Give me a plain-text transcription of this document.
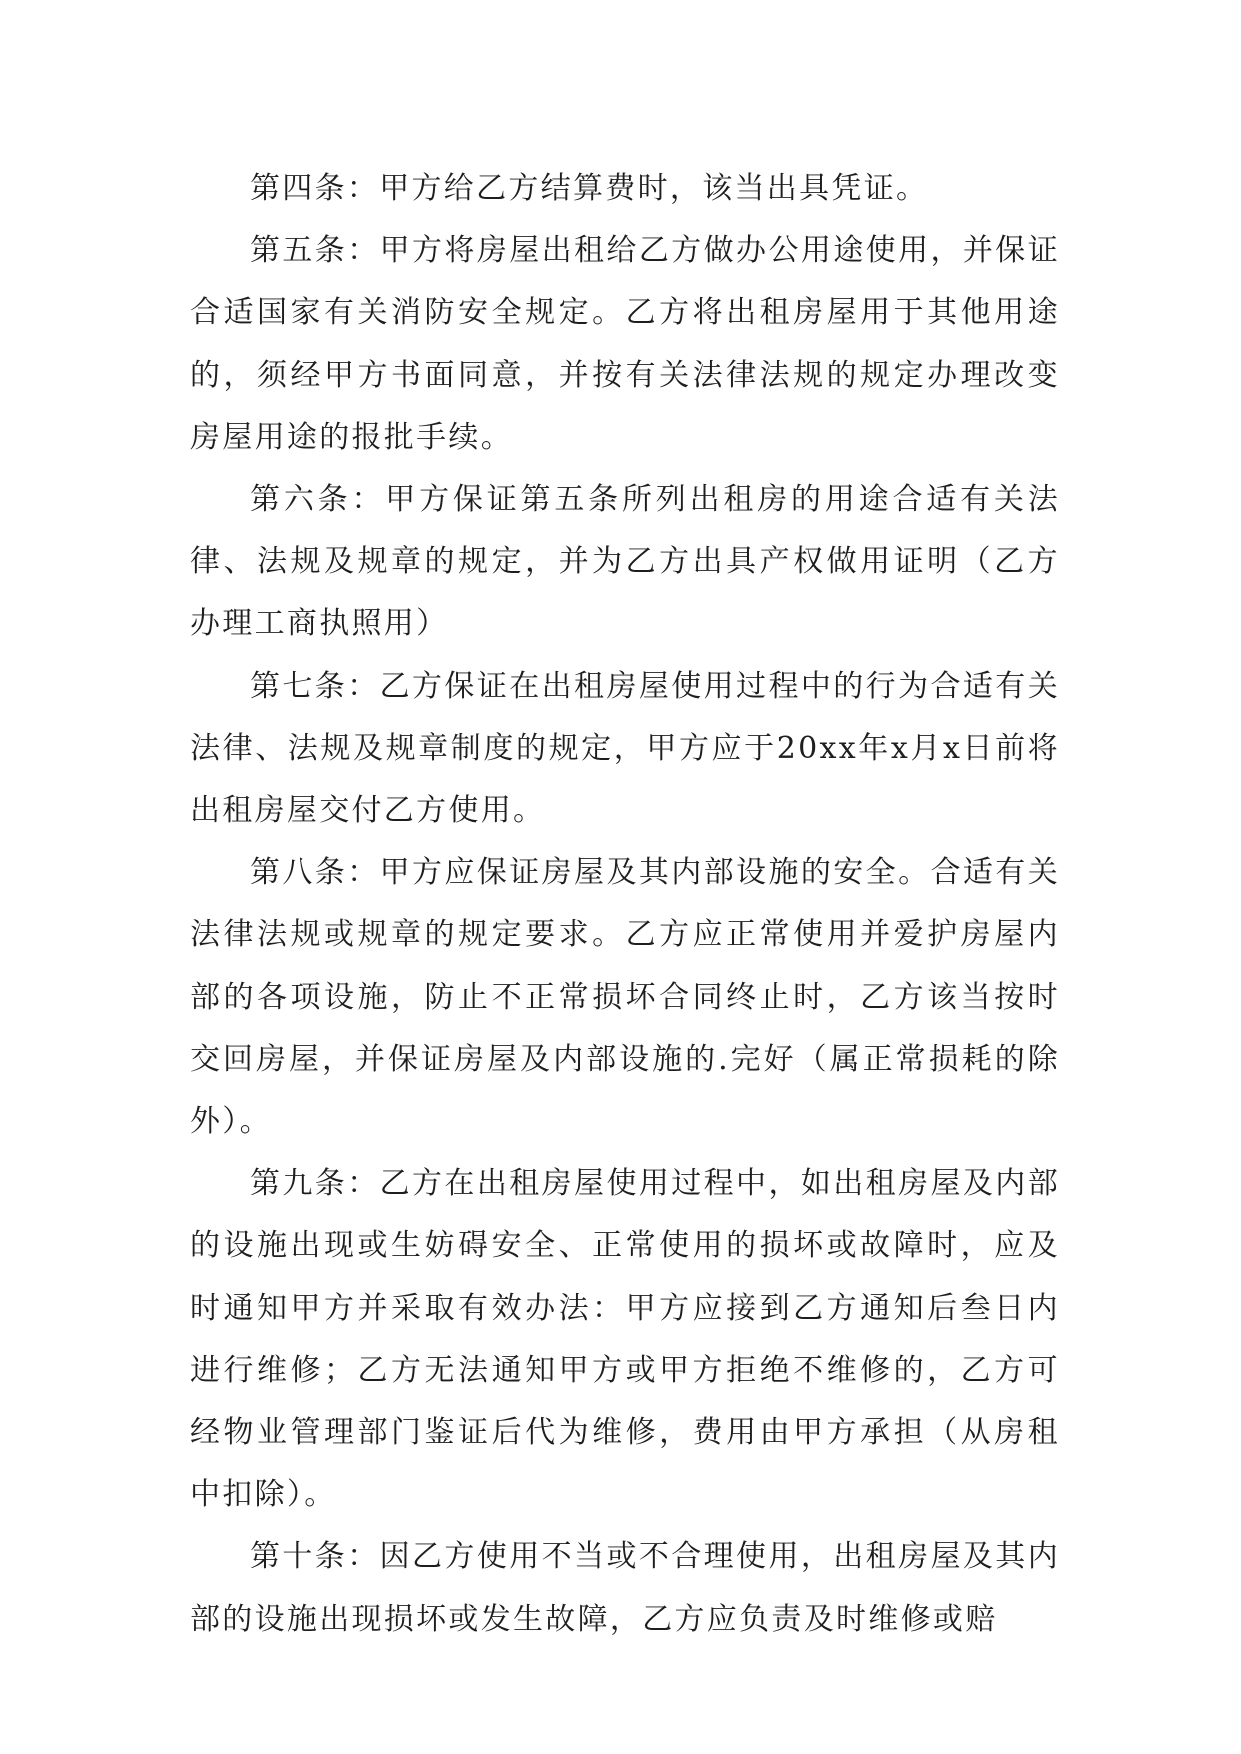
第四条：甲方给乙方结算费时，该当出具凭证。

第五条：甲方将房屋出租给乙方做办公用途使用，并保证合适国家有关消防安全规定。乙方将出租房屋用于其他用途的，须经甲方书面同意，并按有关法律法规的规定办理改变房屋用途的报批手续。

第六条：甲方保证第五条所列出租房的用途合适有关法律、法规及规章的规定，并为乙方出具产权做用证明（乙方办理工商执照用）

第七条：乙方保证在出租房屋使用过程中的行为合适有关法律、法规及规章制度的规定，甲方应于20xx年x月x日前将出租房屋交付乙方使用。

第八条：甲方应保证房屋及其内部设施的安全。合适有关法律法规或规章的规定要求。乙方应正常使用并爱护房屋内部的各项设施，防止不正常损坏合同终止时，乙方该当按时交回房屋，并保证房屋及内部设施的.完好（属正常损耗的除外）。

第九条：乙方在出租房屋使用过程中，如出租房屋及内部的设施出现或生妨碍安全、正常使用的损坏或故障时，应及时通知甲方并采取有效办法：甲方应接到乙方通知后叁日内进行维修；乙方无法通知甲方或甲方拒绝不维修的，乙方可经物业管理部门鉴证后代为维修，费用由甲方承担（从房租中扣除）。

第十条：因乙方使用不当或不合理使用，出租房屋及其内部的设施出现损坏或发生故障，乙方应负责及时维修或赔
